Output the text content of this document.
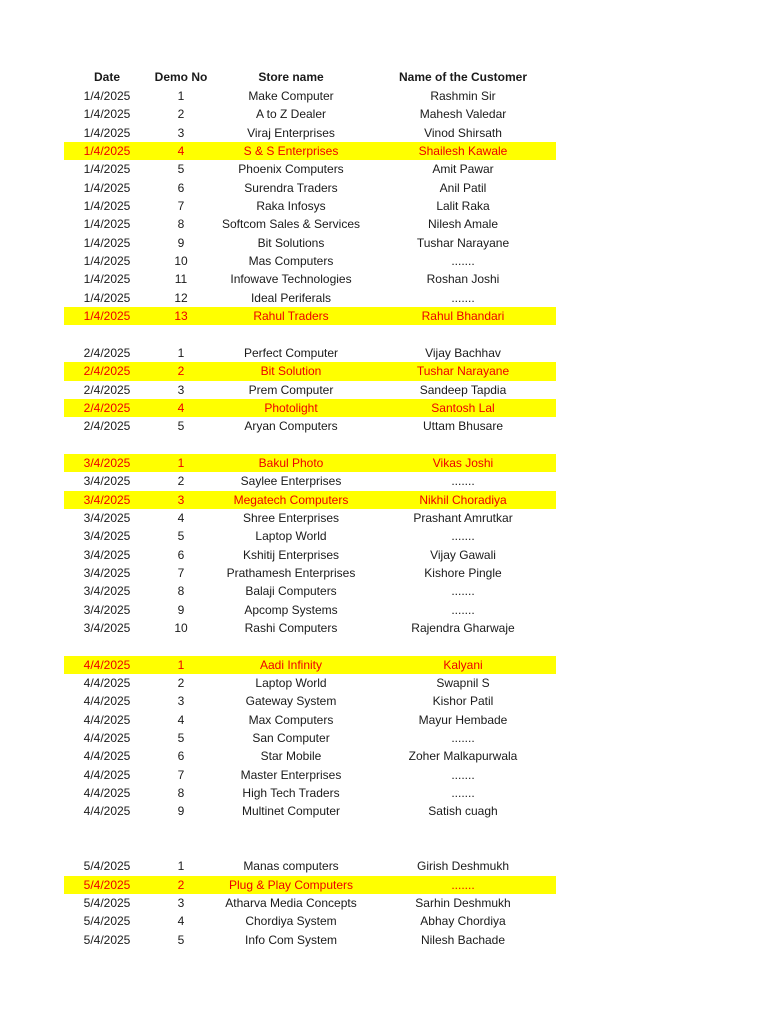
Date	Demo No	Store name	Name of the Customer
1/4/2025	1	Make Computer	Rashmin Sir
1/4/2025	2	A to Z Dealer	Mahesh Valedar
1/4/2025	3	Viraj Enterprises	Vinod Shirsath
1/4/2025	4	S & S Enterprises	Shailesh Kawale
1/4/2025	5	Phoenix Computers	Amit Pawar
1/4/2025	6	Surendra Traders	Anil Patil
1/4/2025	7	Raka Infosys	Lalit Raka
1/4/2025	8	Softcom Sales & Services	Nilesh Amale
1/4/2025	9	Bit Solutions	Tushar Narayane
1/4/2025	10	Mas Computers	.......
1/4/2025	11	Infowave Technologies	Roshan Joshi
1/4/2025	12	Ideal Periferals	.......
1/4/2025	13	Rahul Traders	Rahul Bhandari
2/4/2025	1	Perfect Computer	Vijay Bachhav
2/4/2025	2	Bit Solution	Tushar Narayane
2/4/2025	3	Prem Computer	Sandeep Tapdia
2/4/2025	4	Photolight	Santosh Lal
2/4/2025	5	Aryan Computers	Uttam Bhusare
3/4/2025	1	Bakul Photo	Vikas Joshi
3/4/2025	2	Saylee Enterprises	.......
3/4/2025	3	Megatech Computers	Nikhil Choradiya
3/4/2025	4	Shree Enterprises	Prashant Amrutkar
3/4/2025	5	Laptop World	.......
3/4/2025	6	Kshitij Enterprises	Vijay Gawali
3/4/2025	7	Prathamesh Enterprises	Kishore Pingle
3/4/2025	8	Balaji Computers	.......
3/4/2025	9	Apcomp Systems	.......
3/4/2025	10	Rashi Computers	Rajendra Gharwaje
4/4/2025	1	Aadi Infinity	Kalyani
4/4/2025	2	Laptop World	Swapnil S
4/4/2025	3	Gateway System	Kishor Patil
4/4/2025	4	Max Computers	Mayur Hembade
4/4/2025	5	San Computer	.......
4/4/2025	6	Star Mobile	Zoher Malkapurwala
4/4/2025	7	Master Enterprises	.......
4/4/2025	8	High Tech Traders	.......
4/4/2025	9	Multinet Computer	Satish cuagh
5/4/2025	1	Manas computers	Girish Deshmukh
5/4/2025	2	Plug & Play Computers	.......
5/4/2025	3	Atharva Media Concepts	Sarhin Deshmukh
5/4/2025	4	Chordiya System	Abhay Chordiya
5/4/2025	5	Info Com System	Nilesh Bachade
